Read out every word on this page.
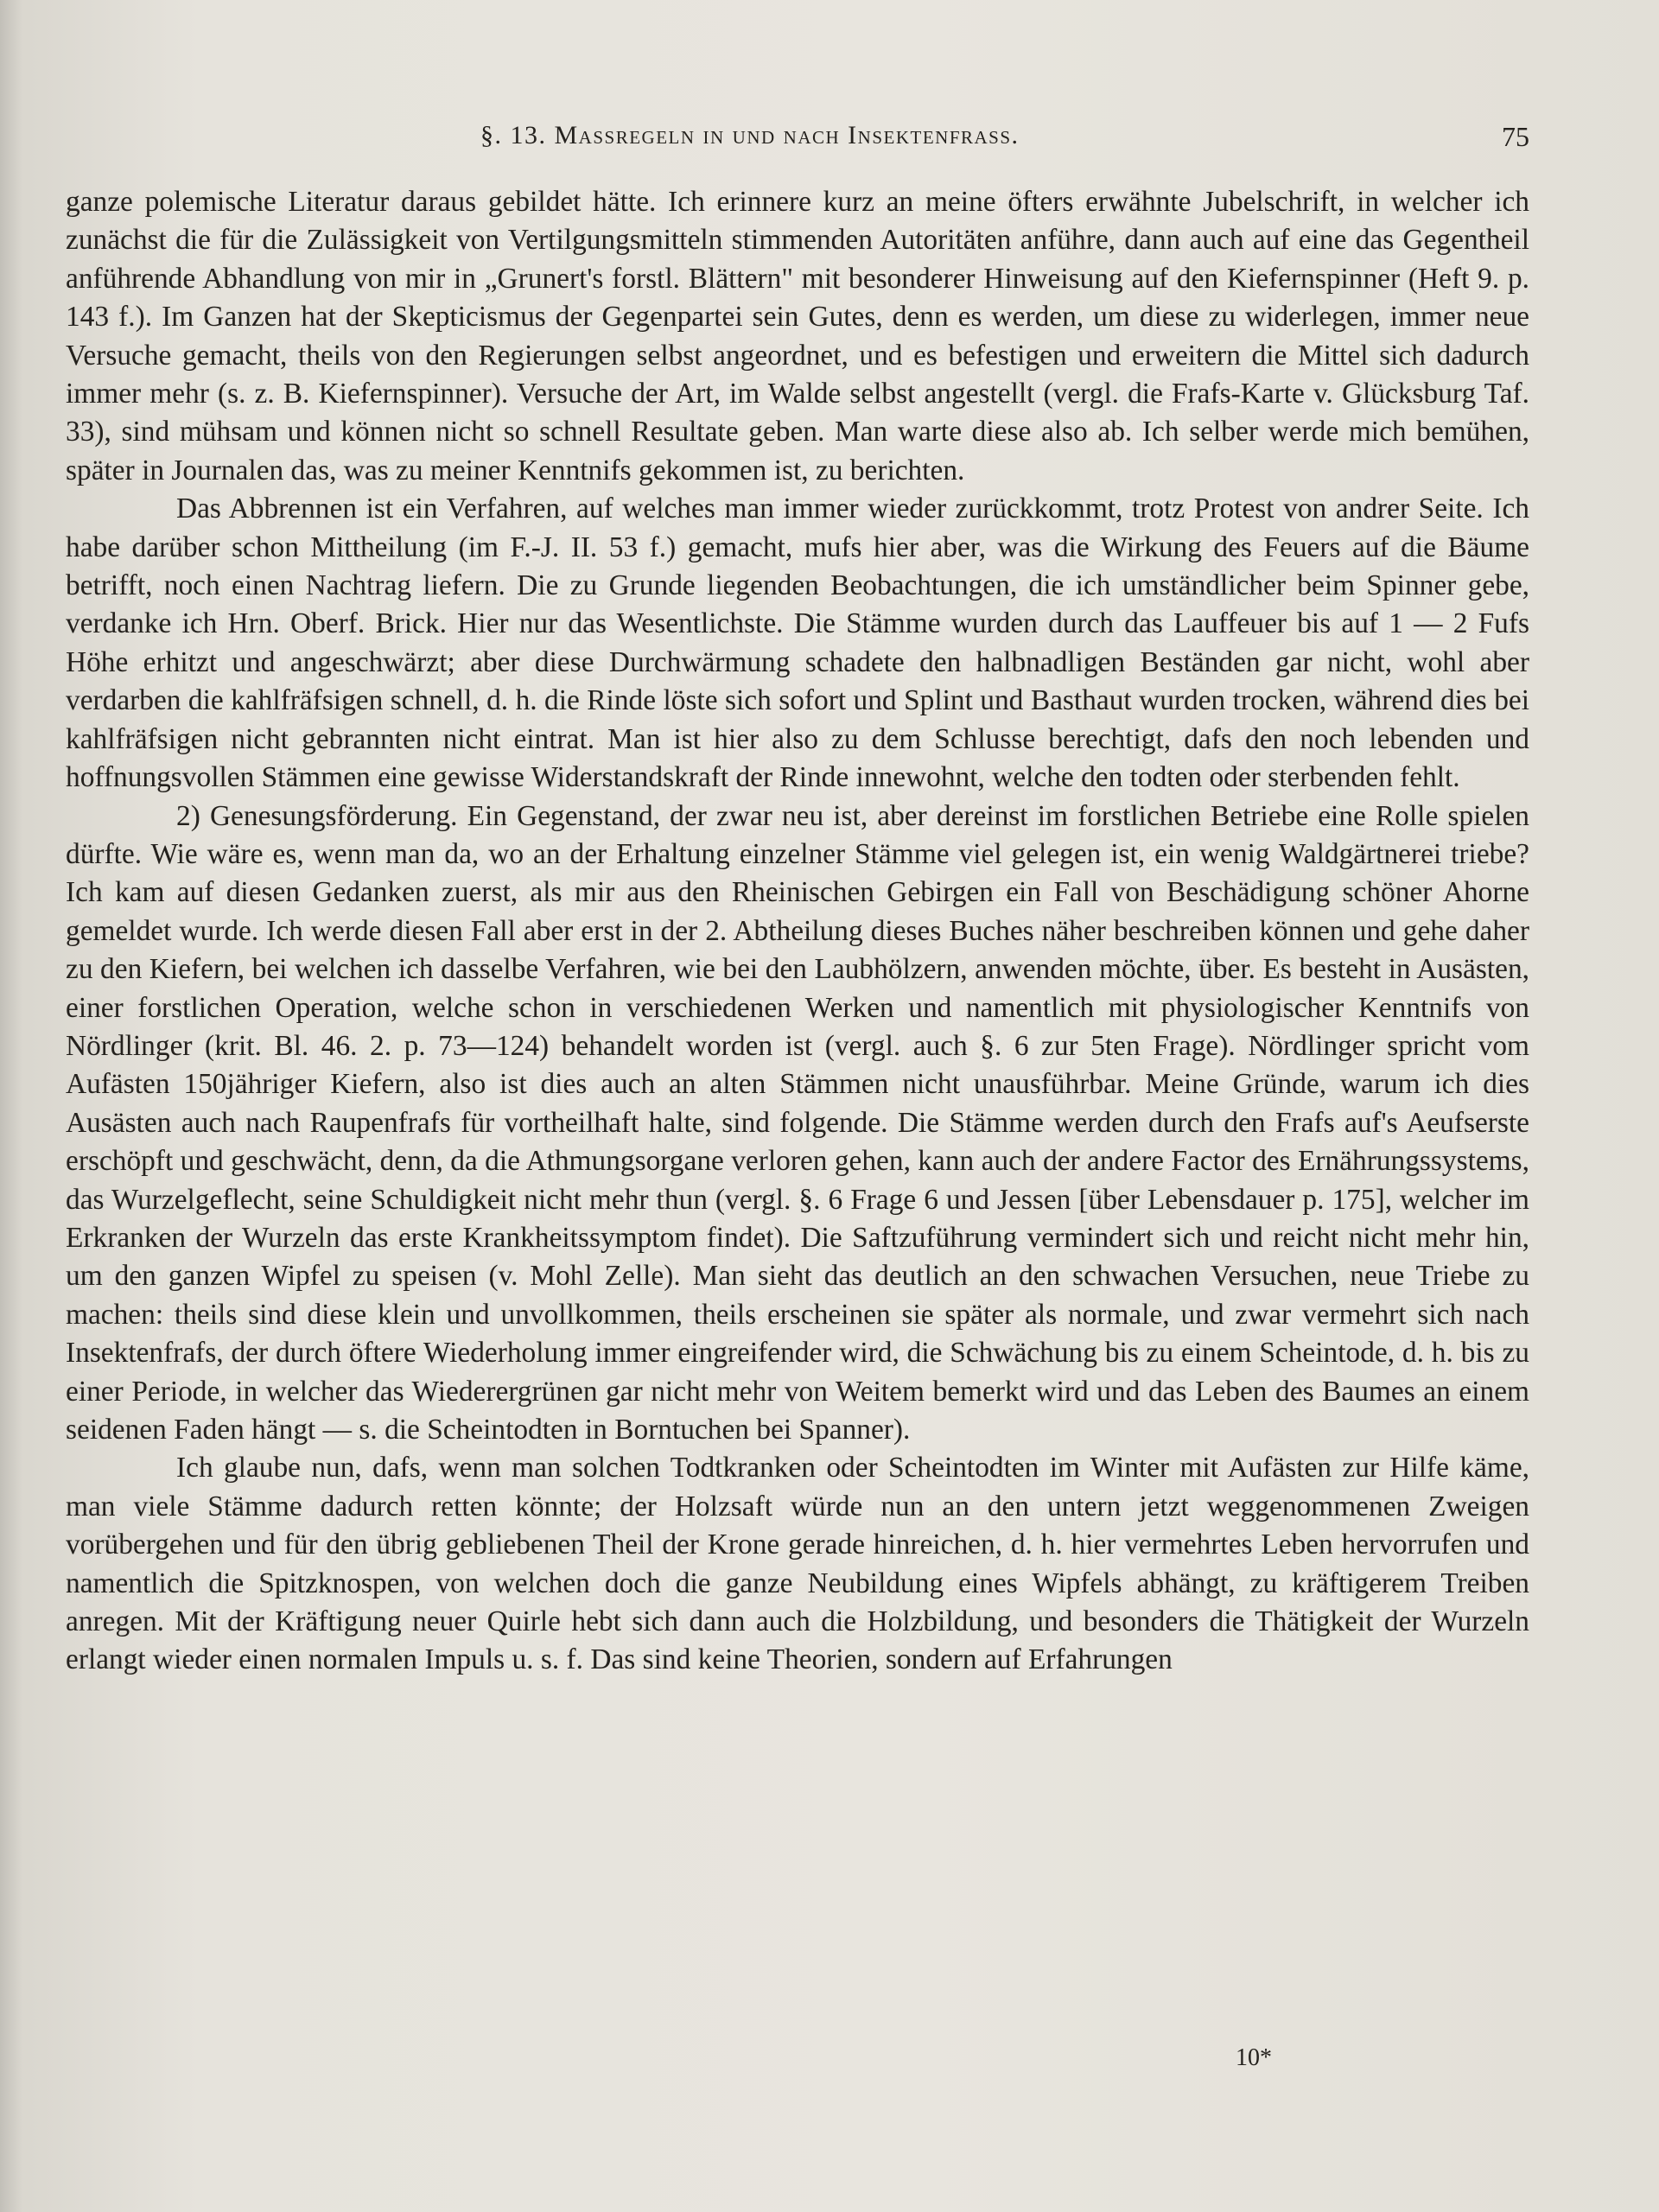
§. 13. Massregeln in und nach Insektenfrass.	75

ganze polemische Literatur daraus gebildet hätte. Ich erinnere kurz an meine öfters erwähnte Jubelschrift, in welcher ich zunächst die für die Zulässigkeit von Vertilgungsmitteln stimmenden Autoritäten anführe, dann auch auf eine das Gegentheil anführende Abhandlung von mir in „Grunert's forstl. Blättern" mit besonderer Hinweisung auf den Kiefernspinner (Heft 9. p. 143 f.). Im Ganzen hat der Skepticismus der Gegenpartei sein Gutes, denn es werden, um diese zu widerlegen, immer neue Versuche gemacht, theils von den Regierungen selbst angeordnet, und es befestigen und erweitern die Mittel sich dadurch immer mehr (s. z. B. Kiefernspinner). Versuche der Art, im Walde selbst angestellt (vergl. die Frafs-Karte v. Glücksburg Taf. 33), sind mühsam und können nicht so schnell Resultate geben. Man warte diese also ab. Ich selber werde mich bemühen, später in Journalen das, was zu meiner Kenntnifs gekommen ist, zu berichten.

Das Abbrennen ist ein Verfahren, auf welches man immer wieder zurückkommt, trotz Protest von andrer Seite. Ich habe darüber schon Mittheilung (im F.-J. II. 53 f.) gemacht, mufs hier aber, was die Wirkung des Feuers auf die Bäume betrifft, noch einen Nachtrag liefern. Die zu Grunde liegenden Beobachtungen, die ich umständlicher beim Spinner gebe, verdanke ich Hrn. Oberf. Brick. Hier nur das Wesentlichste. Die Stämme wurden durch das Lauffeuer bis auf 1 — 2 Fufs Höhe erhitzt und angeschwärzt; aber diese Durchwärmung schadete den halbnadligen Beständen gar nicht, wohl aber verdarben die kahlfräfsigen schnell, d. h. die Rinde löste sich sofort und Splint und Basthaut wurden trocken, während dies bei kahlfräfsigen nicht gebrannten nicht eintrat. Man ist hier also zu dem Schlusse berechtigt, dafs den noch lebenden und hoffnungsvollen Stämmen eine gewisse Widerstandskraft der Rinde innewohnt, welche den todten oder sterbenden fehlt.

2) Genesungsförderung. Ein Gegenstand, der zwar neu ist, aber dereinst im forstlichen Betriebe eine Rolle spielen dürfte. Wie wäre es, wenn man da, wo an der Erhaltung einzelner Stämme viel gelegen ist, ein wenig Waldgärtnerei triebe? Ich kam auf diesen Gedanken zuerst, als mir aus den Rheinischen Gebirgen ein Fall von Beschädigung schöner Ahorne gemeldet wurde. Ich werde diesen Fall aber erst in der 2. Abtheilung dieses Buches näher beschreiben können und gehe daher zu den Kiefern, bei welchen ich dasselbe Verfahren, wie bei den Laubhölzern, anwenden möchte, über. Es besteht in Ausästen, einer forstlichen Operation, welche schon in verschiedenen Werken und namentlich mit physiologischer Kenntnifs von Nördlinger (krit. Bl. 46. 2. p. 73—124) behandelt worden ist (vergl. auch §. 6 zur 5ten Frage). Nördlinger spricht vom Aufästen 150jähriger Kiefern, also ist dies auch an alten Stämmen nicht unausführbar. Meine Gründe, warum ich dies Ausästen auch nach Raupenfrafs für vortheilhaft halte, sind folgende. Die Stämme werden durch den Frafs auf's Aeufserste erschöpft und geschwächt, denn, da die Athmungsorgane verloren gehen, kann auch der andere Factor des Ernährungssystems, das Wurzelgeflecht, seine Schuldigkeit nicht mehr thun (vergl. §. 6 Frage 6 und Jessen [über Lebensdauer p. 175], welcher im Erkranken der Wurzeln das erste Krankheitssymptom findet). Die Saftzuführung vermindert sich und reicht nicht mehr hin, um den ganzen Wipfel zu speisen (v. Mohl Zelle). Man sieht das deutlich an den schwachen Versuchen, neue Triebe zu machen: theils sind diese klein und unvollkommen, theils erscheinen sie später als normale, und zwar vermehrt sich nach Insektenfrafs, der durch öftere Wiederholung immer eingreifender wird, die Schwächung bis zu einem Scheintode, d. h. bis zu einer Periode, in welcher das Wiederergrünen gar nicht mehr von Weitem bemerkt wird und das Leben des Baumes an einem seidenen Faden hängt — s. die Scheintodten in Borntuchen bei Spanner).

Ich glaube nun, dafs, wenn man solchen Todtkranken oder Scheintodten im Winter mit Aufästen zur Hilfe käme, man viele Stämme dadurch retten könnte; der Holzsaft würde nun an den untern jetzt weggenommenen Zweigen vorübergehen und für den übrig gebliebenen Theil der Krone gerade hinreichen, d. h. hier vermehrtes Leben hervorrufen und namentlich die Spitzknospen, von welchen doch die ganze Neubildung eines Wipfels abhängt, zu kräftigerem Treiben anregen. Mit der Kräftigung neuer Quirle hebt sich dann auch die Holzbildung, und besonders die Thätigkeit der Wurzeln erlangt wieder einen normalen Impuls u. s. f. Das sind keine Theorien, sondern auf Erfahrungen

10*
